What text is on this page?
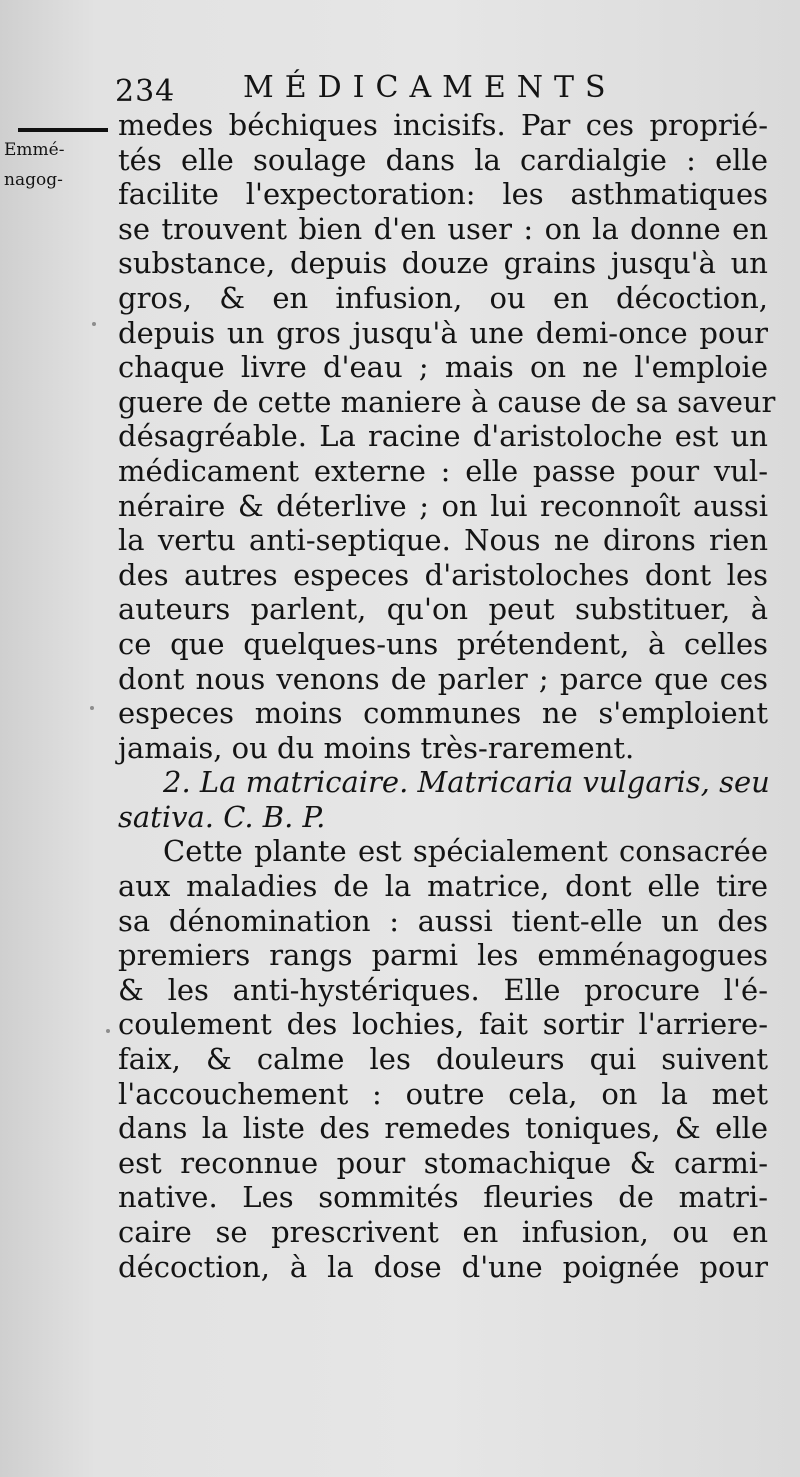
234 MÉDICAMENTS
Emmé-
nagog-
medes béchiques incisifs. Par ces proprié-
tés elle soulage dans la cardialgie : elle
facilite l'expectoration: les asthmatiques
se trouvent bien d'en user : on la donne en
substance, depuis douze grains jusqu'à un
gros, & en infusion, ou en décoction,
depuis un gros jusqu'à une demi-once pour
chaque livre d'eau ; mais on ne l'emploie
guere de cette maniere à cause de sa saveur
désagréable. La racine d'aristoloche est un
médicament externe : elle passe pour vul-
néraire & déterlive ; on lui reconnoît aussi
la vertu anti-septique. Nous ne dirons rien
des autres especes d'aristoloches dont les
auteurs parlent, qu'on peut substituer, à
ce que quelques-uns prétendent, à celles
dont nous venons de parler ; parce que ces
especes moins communes ne s'emploient
jamais, ou du moins très-rarement.
2. La matricaire. Matricaria vulgaris, seu
sativa. C. B. P.
Cette plante est spécialement consacrée
aux maladies de la matrice, dont elle tire
sa dénomination : aussi tient-elle un des
premiers rangs parmi les emménagogues
& les anti-hystériques. Elle procure l'é-
coulement des lochies, fait sortir l'arriere-
faix, & calme les douleurs qui suivent
l'accouchement : outre cela, on la met
dans la liste des remedes toniques, & elle
est reconnue pour stomachique & carmi-
native. Les sommités fleuries de matri-
caire se prescrivent en infusion, ou en
décoction, à la dose d'une poignée pour
